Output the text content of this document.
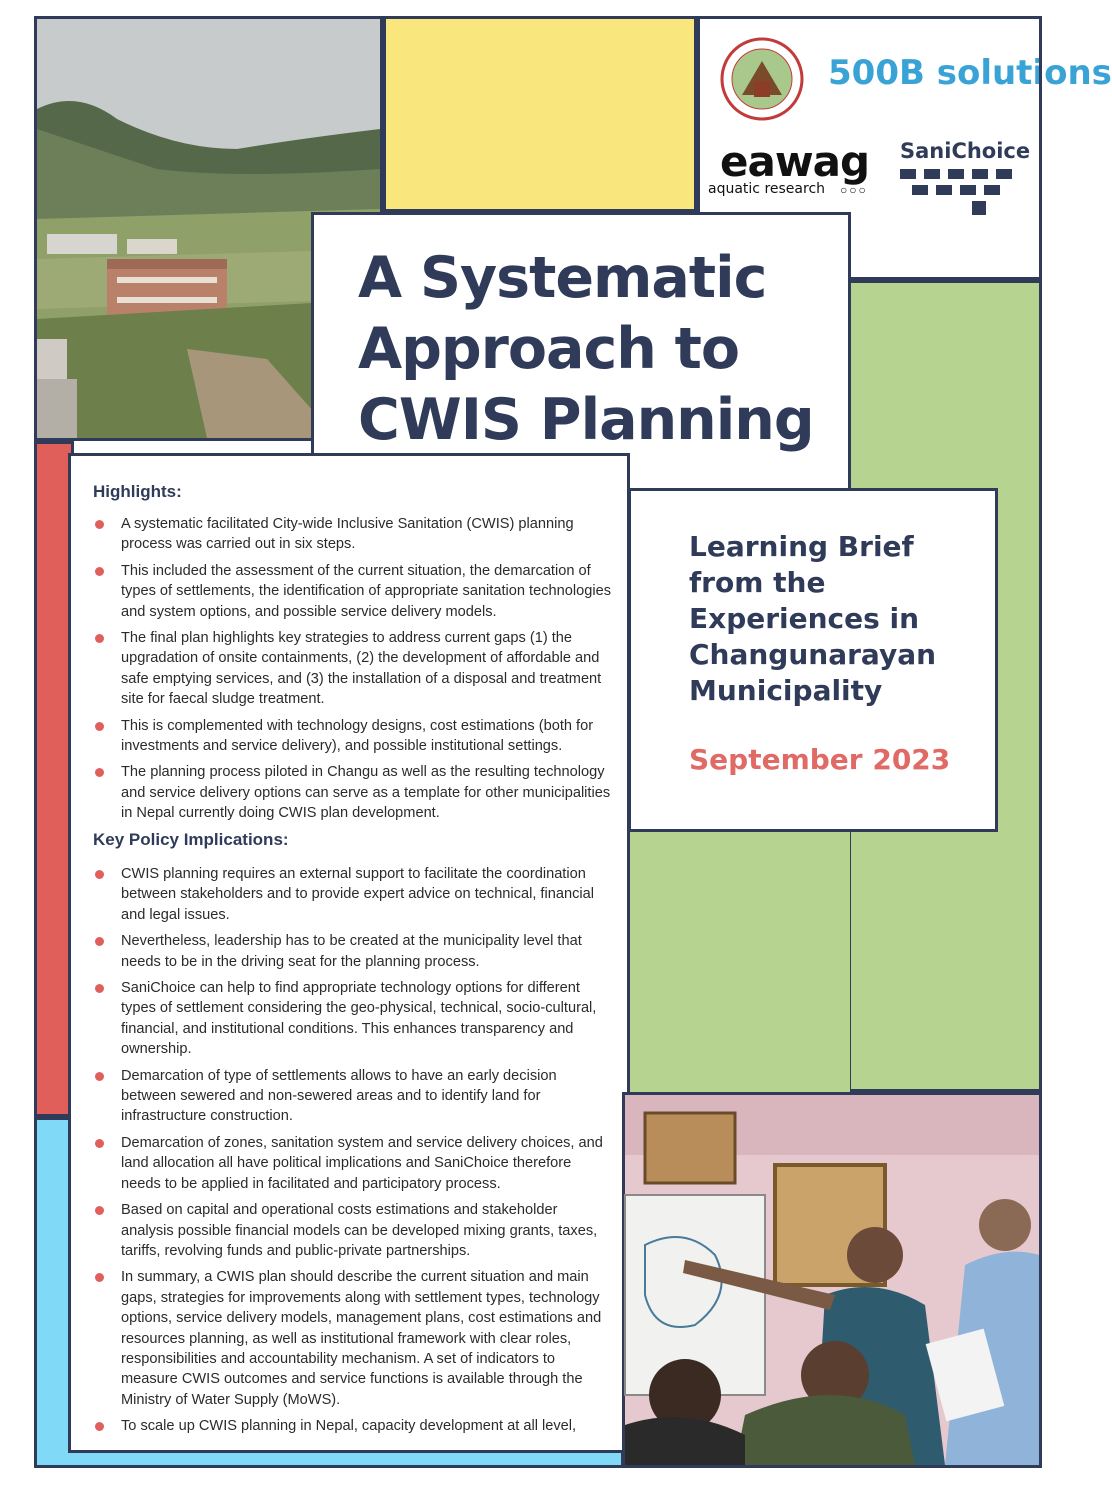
500B solutions

eawag

aquatic research ○○○

SaniChoice

A Systematic Approach to CWIS Planning

Learning Brief from the Experiences in Changunarayan Municipality

September 2023

Highlights:
A systematic facilitated City-wide Inclusive Sanitation (CWIS) planning process was carried out in six steps.
This included the assessment of the current situation, the demarcation of types of settlements, the identification of appropriate sanitation technologies and system options, and possible service delivery models.
The final plan highlights key strategies to address current gaps (1) the upgradation of onsite containments, (2) the development of affordable and safe emptying services, and (3) the installation of a disposal and treatment site for faecal sludge treatment.
This is complemented with technology designs, cost estimations (both for investments and service delivery), and possible institutional settings.
The planning process piloted in Changu as well as the resulting technology and service delivery options can serve as a template for other municipalities in Nepal currently doing CWIS plan development.
Key Policy Implications:
CWIS planning requires an external support to facilitate the coordination between stakeholders and to provide expert advice on technical, financial and legal issues.
Nevertheless, leadership has to be created at the municipality level that needs to be in the driving seat for the planning process.
SaniChoice can help to find appropriate technology options for different types of settlement considering the geo-physical, technical, socio-cultural, financial, and institutional conditions. This enhances transparency and ownership.
Demarcation of type of settlements allows to have an early decision between sewered and non-sewered areas and to identify land for infrastructure construction.
Demarcation of zones, sanitation system and service delivery choices, and land allocation all have political implications and SaniChoice therefore needs to be applied in facilitated and participatory process.
Based on capital and operational costs estimations and stakeholder analysis possible financial models can be developed mixing grants, taxes, tariffs, revolving funds and public-private partnerships.
In summary, a CWIS plan should describe the current situation and main gaps, strategies for improvements along with settlement types, technology options, service delivery models, management plans, cost estimations and resources planning, as well as institutional framework with clear roles, responsibilities and accountability mechanism. A set of indicators to measure CWIS outcomes and service functions is available through the Ministry of Water Supply (MoWS).
To scale up CWIS planning in Nepal, capacity development at all level,
